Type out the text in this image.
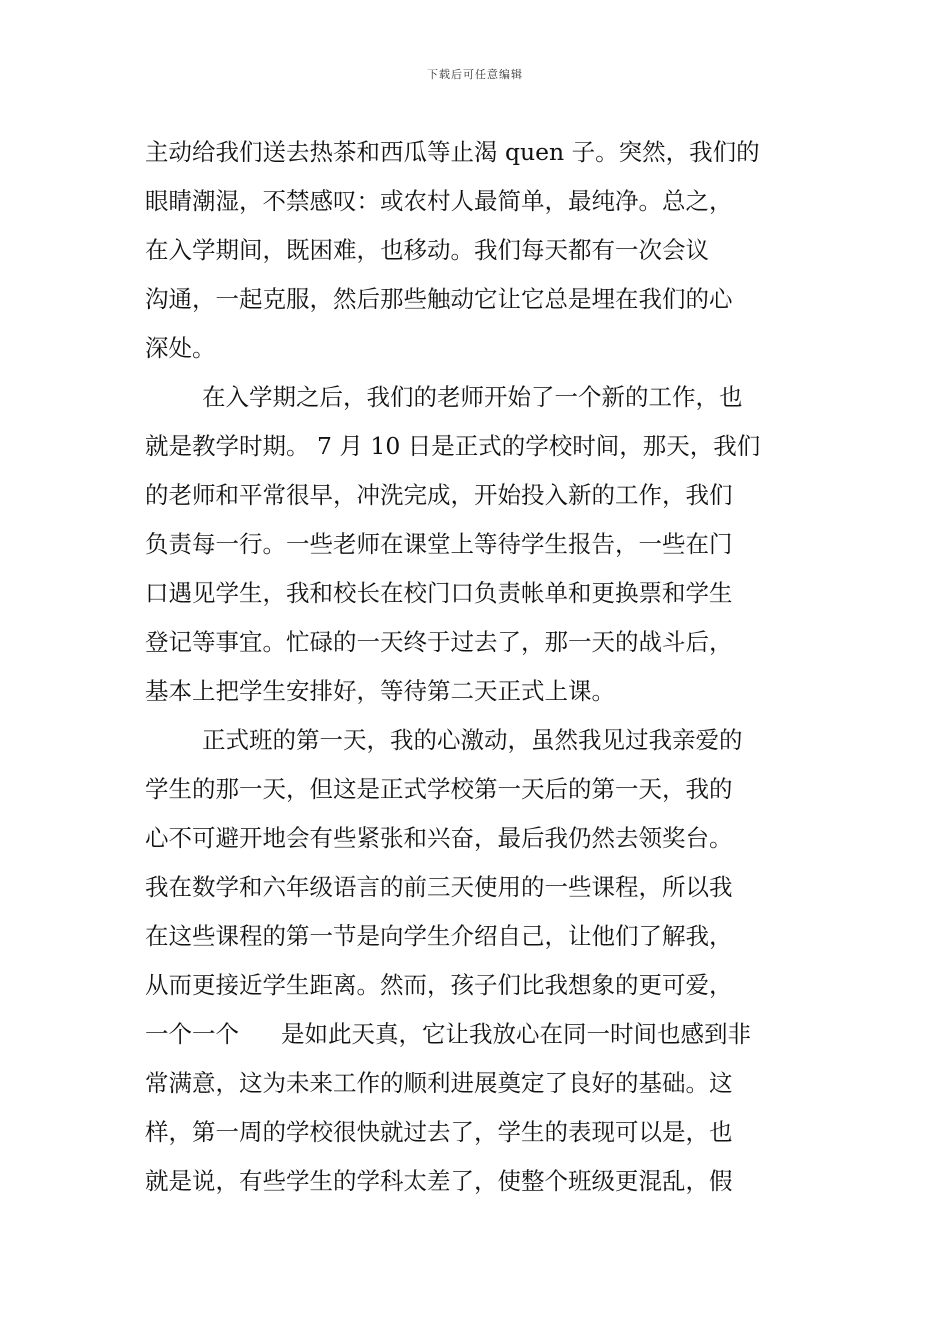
下载后可任意编辑
主动给我们送去热茶和西瓜等止渴 quen 子。突然，我们的
眼睛潮湿，不禁感叹：或农村人最简单，最纯净。总之，
在入学期间，既困难，也移动。我们每天都有一次会议
沟通，一起克服，然后那些触动它让它总是埋在我们的心
深处。
在入学期之后，我们的老师开始了一个新的工作，也
就是教学时期。 7 月 10 日是正式的学校时间，那天，我们
的老师和平常很早，冲洗完成，开始投入新的工作，我们
负责每一行。一些老师在课堂上等待学生报告，一些在门
口遇见学生，我和校长在校门口负责帐单和更换票和学生
登记等事宜。忙碌的一天终于过去了，那一天的战斗后，
基本上把学生安排好，等待第二天正式上课。
正式班的第一天，我的心激动，虽然我见过我亲爱的
学生的那一天，但这是正式学校第一天后的第一天，我的
心不可避开地会有些紧张和兴奋，最后我仍然去领奖台。
我在数学和六年级语言的前三天使用的一些课程，所以我
在这些课程的第一节是向学生介绍自己，让他们了解我，
从而更接近学生距离。然而，孩子们比我想象的更可爱，
一个一个 是如此天真，它让我放心在同一时间也感到非
常满意，这为未来工作的顺利进展奠定了良好的基础。这
样，第一周的学校很快就过去了，学生的表现可以是，也
就是说，有些学生的学科太差了，使整个班级更混乱，假
